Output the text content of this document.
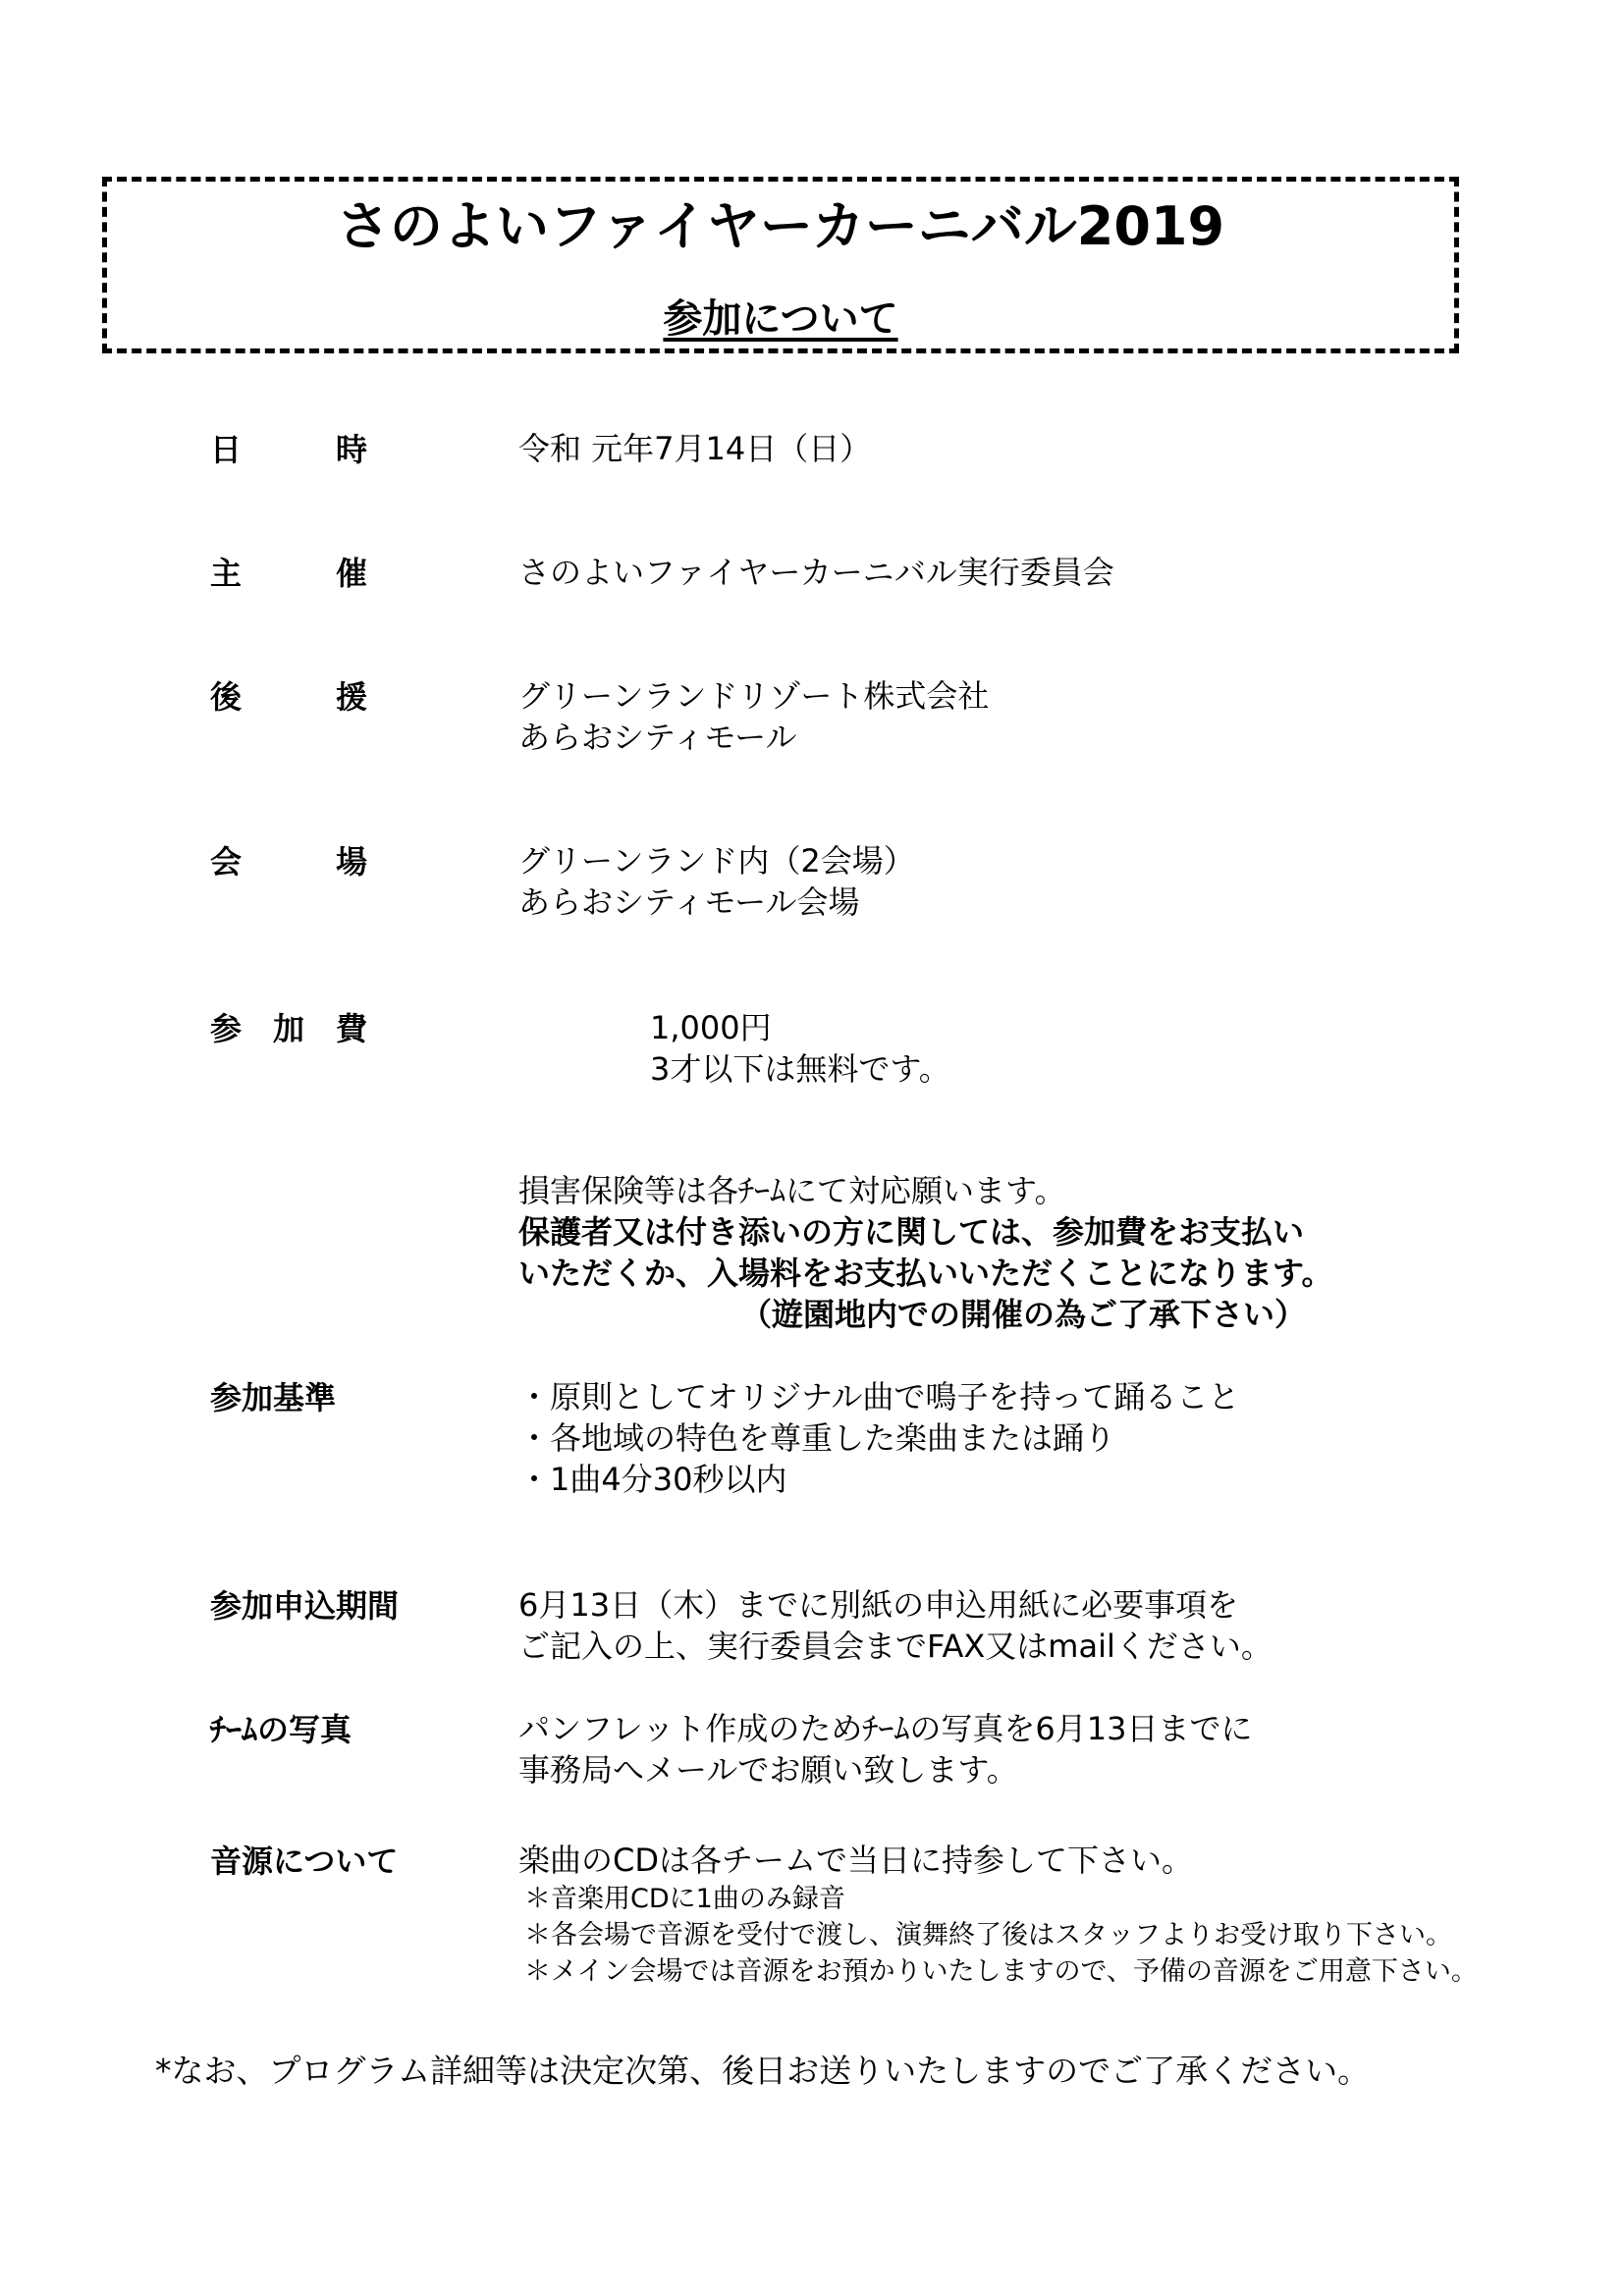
さのよいファイヤーカーニバル2019
参加について
日　　　時	令和 元年7月14日（日）
主　　　催	さのよいファイヤーカーニバル実行委員会
後　　　援	グリーンランドリゾート株式会社
あらおシティモール
会　　　場	グリーンランド内（2会場）
あらおシティモール会場
参　加　費	1,000円
3才以下は無料です。
損害保険等は各ﾁｰﾑにて対応願います。
保護者又は付き添いの方に関しては、参加費をお支払い
いただくか、入場料をお支払いいただくことになります。
（遊園地内での開催の為ご了承下さい）
参加基準	・原則としてオリジナル曲で鳴子を持って踊ること
・各地域の特色を尊重した楽曲または踊り
・1曲4分30秒以内
参加申込期間	6月13日（木）までに別紙の申込用紙に必要事項を
ご記入の上、実行委員会までFAX又はmailください。
ﾁｰﾑの写真	パンフレット作成のためﾁｰﾑの写真を6月13日までに
事務局へメールでお願い致します。
音源について	楽曲のCDは各チームで当日に持参して下さい。
＊音楽用CDに1曲のみ録音
＊各会場で音源を受付で渡し、演舞終了後はスタッフよりお受け取り下さい。
＊メイン会場では音源をお預かりいたしますので、予備の音源をご用意下さい。
*なお、プログラム詳細等は決定次第、後日お送りいたしますのでご了承ください。
